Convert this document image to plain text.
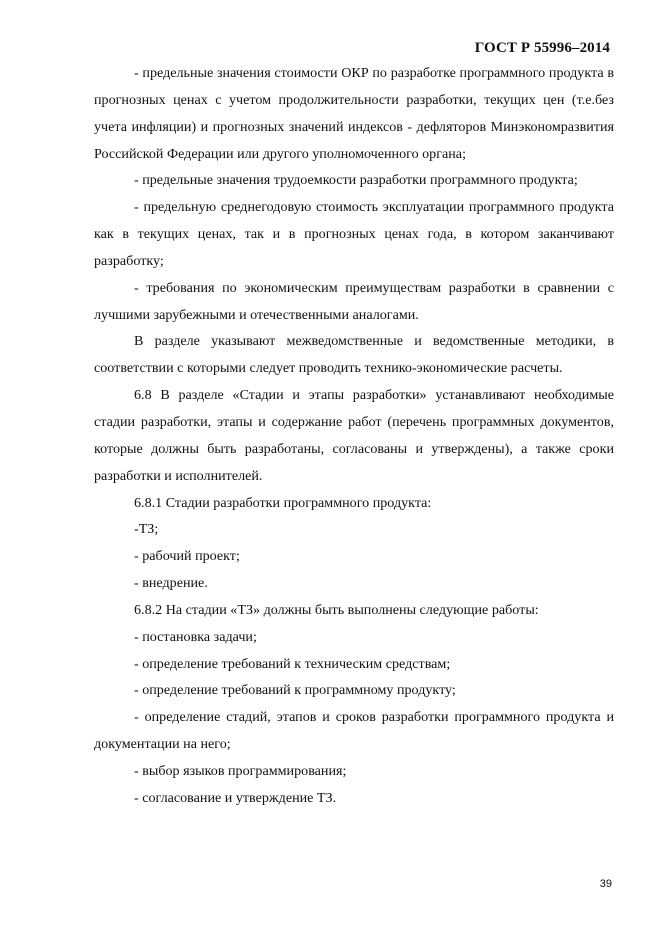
ГОСТ Р 55996–2014

- предельные значения стоимости ОКР по разработке программного продукта в прогнозных ценах с учетом продолжительности разработки, текущих цен (т.е.без учета инфляции) и прогнозных значений индексов - дефляторов Минэкономразвития Российской Федерации или другого уполномоченного органа;

- предельные значения трудоемкости разработки программного продукта;

- предельную среднегодовую стоимость эксплуатации программного продукта как в текущих ценах, так и в прогнозных ценах года, в котором заканчивают разработку;

- требования по экономическим преимуществам разработки в сравнении с лучшими зарубежными и отечественными аналогами.

В разделе указывают межведомственные и ведомственные методики, в соответствии с которыми следует проводить технико-экономические расчеты.

6.8 В разделе «Стадии и этапы разработки» устанавливают необходимые стадии разработки, этапы и содержание работ (перечень программных документов, которые должны быть разработаны, согласованы и утверждены), а также сроки разработки и исполнителей.

6.8.1 Стадии разработки программного продукта:

-ТЗ;

- рабочий проект;

- внедрение.

6.8.2 На стадии «ТЗ» должны быть выполнены следующие работы:

- постановка задачи;

- определение требований к техническим средствам;

- определение требований к программному продукту;

- определение стадий, этапов и сроков разработки программного продукта и документации на него;

- выбор языков программирования;

- согласование и утверждение ТЗ.

39
